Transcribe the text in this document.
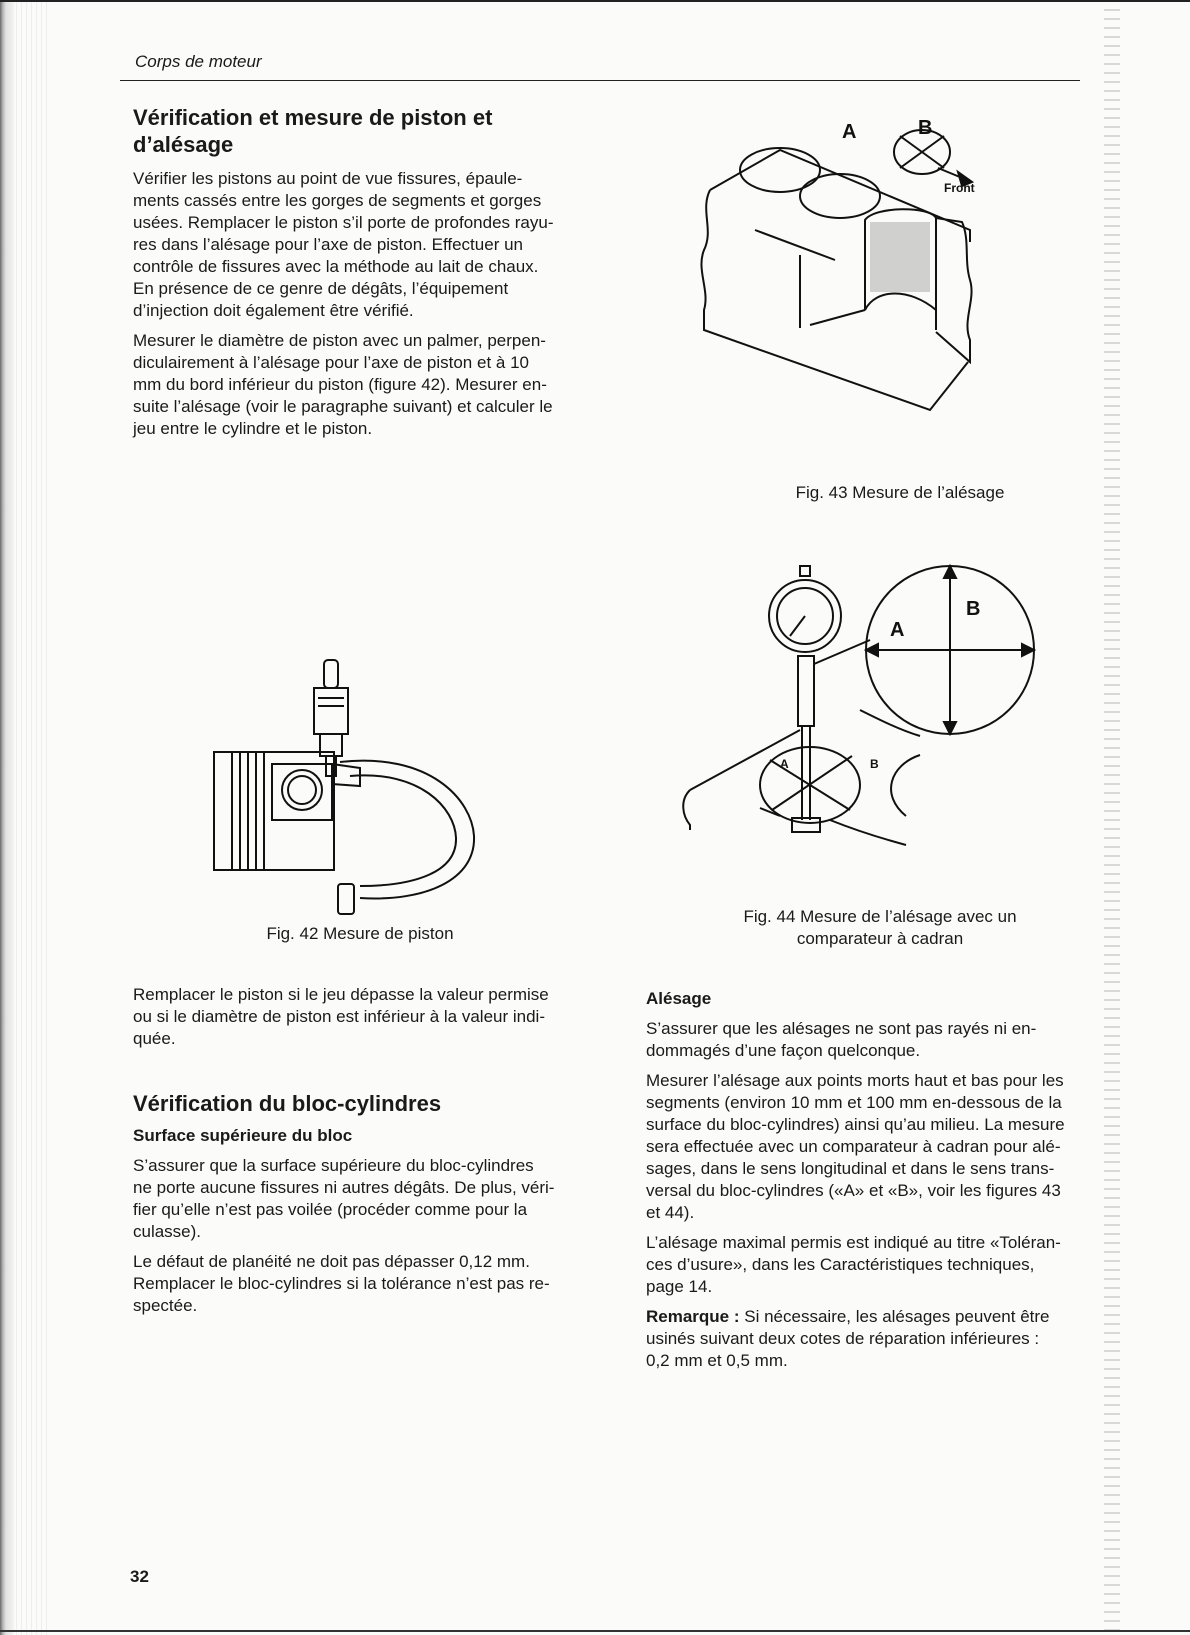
Corps de moteur
Vérification et mesure de piston et
d’alésage

Vérifier les pistons au point de vue fissures, épaule-
ments cassés entre les gorges de segments et gorges
usées. Remplacer le piston s’il porte de profondes rayu-
res dans l’alésage pour l’axe de piston. Effectuer un
contrôle de fissures avec la méthode au lait de chaux.
En présence de ce genre de dégâts, l’équipement
d’injection doit également être vérifié.

Mesurer le diamètre de piston avec un palmer, perpen-
diculairement à l’alésage pour l’axe de piston et à 10
mm du bord inférieur du piston (figure 42). Mesurer en-
suite l’alésage (voir le paragraphe suivant) et calculer le
jeu entre le cylindre et le piston.

Fig. 42 Mesure de piston

Remplacer le piston si le jeu dépasse la valeur permise
ou si le diamètre de piston est inférieur à la valeur indi-
quée.

Vérification du bloc-cylindres
Surface supérieure du bloc

S’assurer que la surface supérieure du bloc-cylindres
ne porte aucune fissures ni autres dégâts. De plus, véri-
fier qu’elle n’est pas voilée (procéder comme pour la
culasse).

Le défaut de planéité ne doit pas dépasser 0,12 mm.
Remplacer le bloc-cylindres si la tolérance n’est pas re-
spectée.

A	B
Front
Fig. 43 Mesure de l’alésage
B
A
A	B
Fig. 44 Mesure de l’alésage avec un
comparateur à cadran
Alésage

S’assurer que les alésages ne sont pas rayés ni en-
dommagés d’une façon quelconque.

Mesurer l’alésage aux points morts haut et bas pour les
segments (environ 10 mm et 100 mm en-dessous de la
surface du bloc-cylindres) ainsi qu’au milieu. La mesure
sera effectuée avec un comparateur à cadran pour alé-
sages, dans le sens longitudinal et dans le sens trans-
versal du bloc-cylindres («A» et «B», voir les figures 43
et 44).

L’alésage maximal permis est indiqué au titre «Toléran-
ces d’usure», dans les Caractéristiques techniques,
page 14.

Remarque : Si nécessaire, les alésages peuvent être
usinés suivant deux cotes de réparation inférieures :
0,2 mm et 0,5 mm.

32
